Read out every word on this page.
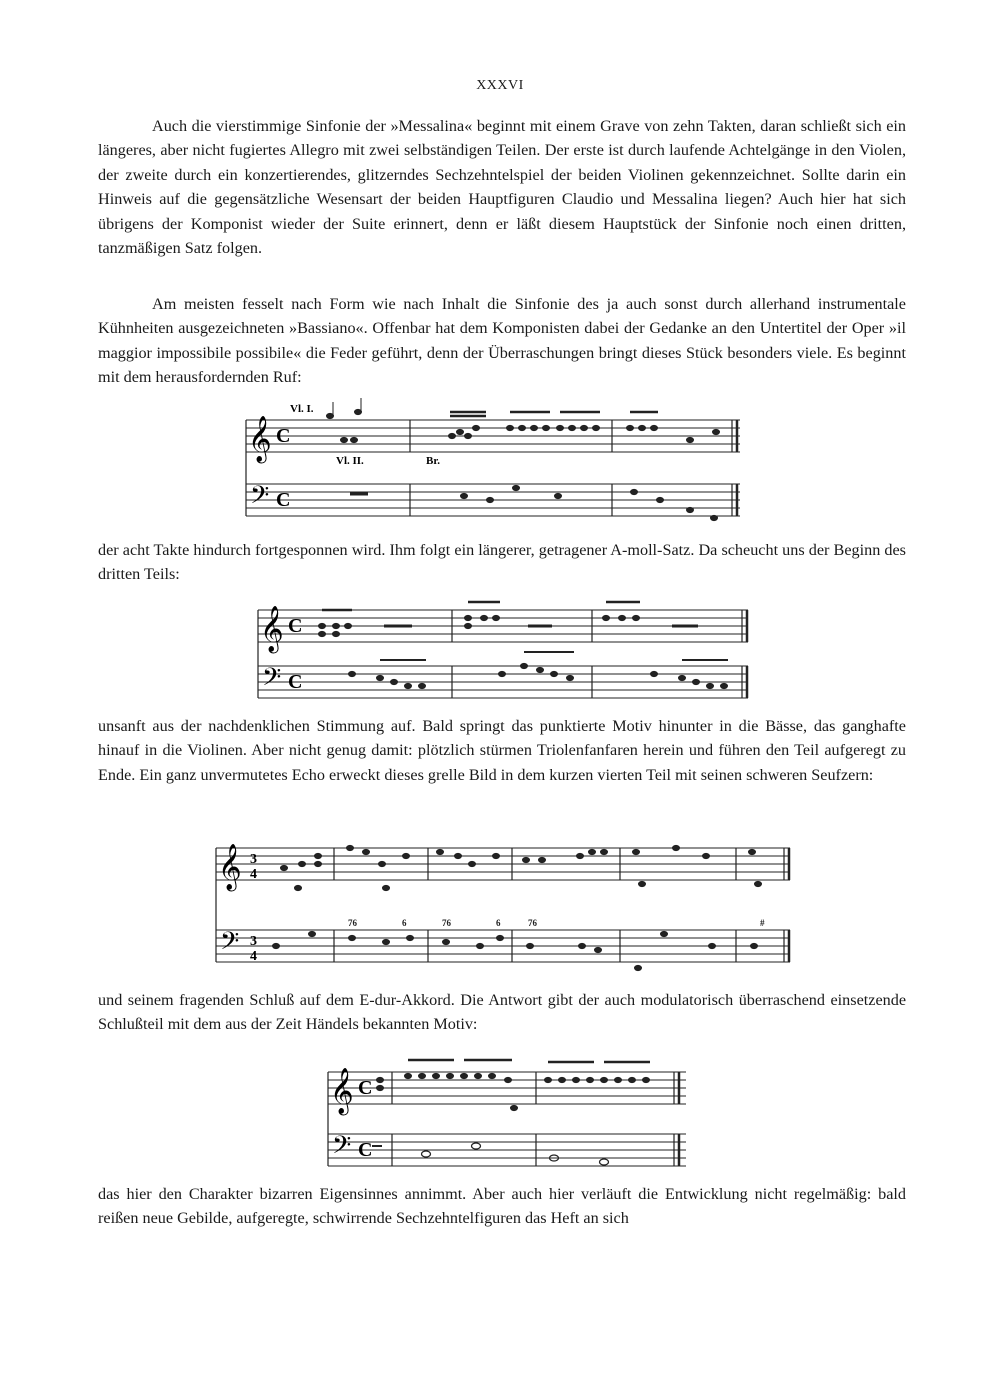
XXXVI

Auch die vierstimmige Sinfonie der »Messalina« beginnt mit einem Grave von zehn Takten, daran schließt sich ein längeres, aber nicht fugiertes Allegro mit zwei selbständigen Teilen. Der erste ist durch laufende Achtelgänge in den Violen, der zweite durch ein konzertierendes, glitzerndes Sechzehntelspiel der beiden Violinen gekennzeichnet. Sollte darin ein Hinweis auf die gegensätzliche Wesensart der beiden Hauptfiguren Claudio und Messalina liegen? Auch hier hat sich übrigens der Komponist wieder der Suite erinnert, denn er läßt diesem Hauptstück der Sinfonie noch einen dritten, tanzmäßigen Satz folgen.

Am meisten fesselt nach Form wie nach Inhalt die Sinfonie des ja auch sonst durch allerhand instrumentale Kühnheiten ausgezeichneten »Bassiano«. Offenbar hat dem Komponisten dabei der Gedanke an den Untertitel der Oper »il maggior impossibile possibile« die Feder geführt, denn der Überraschungen bringt dieses Stück besonders viele. Es beginnt mit dem herausfordernden Ruf:

𝄞
𝄢
C
C
Vl. I.
Vl. II.	Br.

der acht Takte hindurch fortgesponnen wird. Ihm folgt ein längerer, getragener A-moll-Satz. Da scheucht uns der Beginn des dritten Teils:

𝄞
𝄢
C
C

unsanft aus der nachdenklichen Stimmung auf. Bald springt das punktierte Motiv hinunter in die Bässe, das ganghafte hinauf in die Violinen. Aber nicht genug damit: plötzlich stürmen Triolenfanfaren herein und führen den Teil aufgeregt zu Ende. Ein ganz unvermutetes Echo erweckt dieses grelle Bild in dem kurzen vierten Teil mit seinen schweren Seufzern:

𝄞
𝄢
3
4
3
4
76	6	76	6	76	#

und seinem fragenden Schluß auf dem E-dur-Akkord. Die Antwort gibt der auch modulatorisch überraschend einsetzende Schlußteil mit dem aus der Zeit Händels bekannten Motiv:

𝄞
𝄢
C
C

das hier den Charakter bizarren Eigensinnes annimmt. Aber auch hier verläuft die Entwicklung nicht regelmäßig: bald reißen neue Gebilde, aufgeregte, schwirrende Sechzehntelfiguren das Heft an sich
